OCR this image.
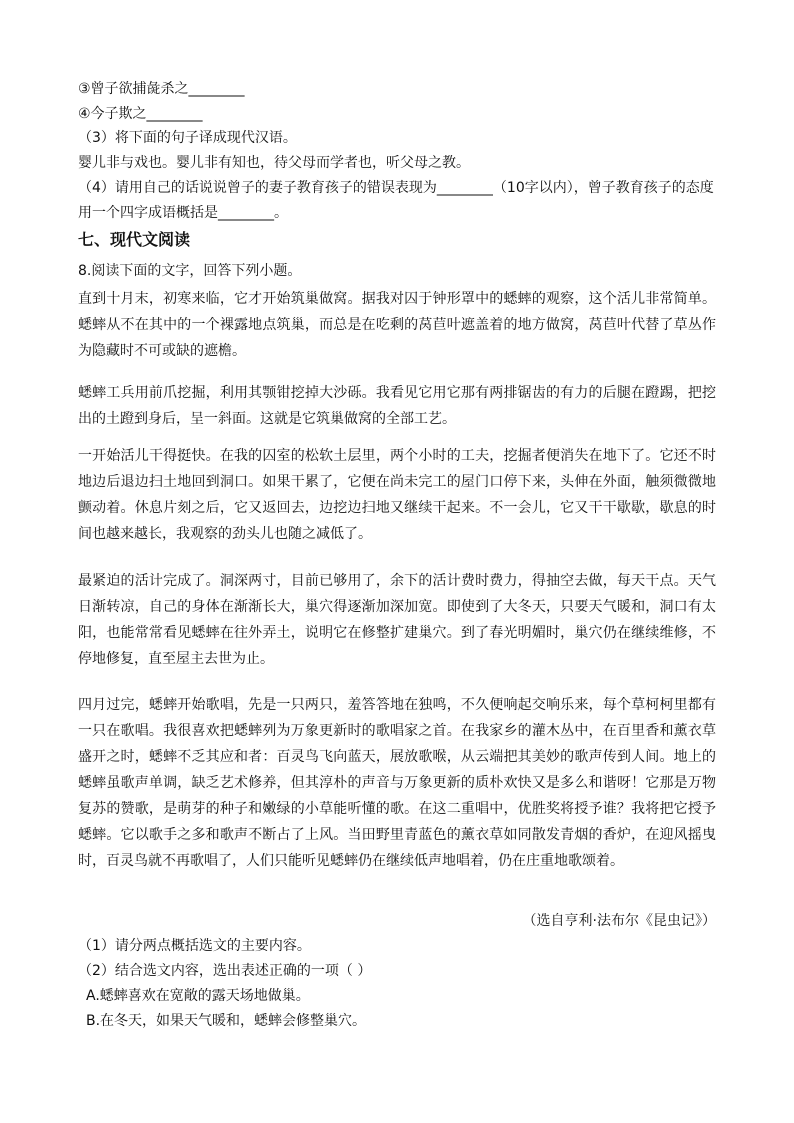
③曾子欲捕彘杀之________
④今子欺之________
（3）将下面的句子译成现代汉语。
婴儿非与戏也。婴儿非有知也，待父母而学者也，听父母之教。
（4）请用自己的话说说曾子的妻子教育孩子的错误表现为________（10字以内），曾子教育孩子的态度
用一个四字成语概括是________。
七、现代文阅读
8.阅读下面的文字，回答下列小题。
直到十月末，初寒来临，它才开始筑巢做窝。据我对囚于钟形罩中的蟋蟀的观察，这个活儿非常简单。蟋蟀从不在其中的一个裸露地点筑巢，而总是在吃剩的莴苣叶遮盖着的地方做窝，莴苣叶代替了草丛作为隐藏时不可或缺的遮檐。
蟋蟀工兵用前爪挖掘，利用其颚钳挖掉大沙砾。我看见它用它那有两排锯齿的有力的后腿在蹬踢，把挖出的土蹬到身后，呈一斜面。这就是它筑巢做窝的全部工艺。
一开始活儿干得挺快。在我的囚室的松软土层里，两个小时的工夫，挖掘者便消失在地下了。它还不时地边后退边扫土地回到洞口。如果干累了，它便在尚未完工的屋门口停下来，头伸在外面，触须微微地颤动着。休息片刻之后，它又返回去，边挖边扫地又继续干起来。不一会儿，它又干干歇歇，歇息的时间也越来越长，我观察的劲头儿也随之减低了。
最紧迫的活计完成了。洞深两寸，目前已够用了，余下的活计费时费力，得抽空去做，每天干点。天气日渐转凉，自己的身体在渐渐长大，巢穴得逐渐加深加宽。即使到了大冬天，只要天气暖和，洞口有太阳，也能常常看见蟋蟀在往外弄土，说明它在修整扩建巢穴。到了春光明媚时，巢穴仍在继续维修，不停地修复，直至屋主去世为止。
四月过完，蟋蟀开始歌唱，先是一只两只，羞答答地在独鸣，不久便响起交响乐来，每个草柯柯里都有一只在歌唱。我很喜欢把蟋蟀列为万象更新时的歌唱家之首。在我家乡的灌木丛中，在百里香和薰衣草盛开之时，蟋蟀不乏其应和者：百灵鸟飞向蓝天，展放歌喉，从云端把其美妙的歌声传到人间。地上的蟋蟀虽歌声单调，缺乏艺术修养，但其淳朴的声音与万象更新的质朴欢快又是多么和谐呀！它那是万物复苏的赞歌，是萌芽的种子和嫩绿的小草能听懂的歌。在这二重唱中，优胜奖将授予谁？我将把它授予蟋蟀。它以歌手之多和歌声不断占了上风。当田野里青蓝色的薰衣草如同散发青烟的香炉，在迎风摇曳时，百灵鸟就不再歌唱了，人们只能听见蟋蟀仍在继续低声地唱着，仍在庄重地歌颂着。
（选自亨利·法布尔《昆虫记》）
（1）请分两点概括选文的主要内容。
（2）结合选文内容，选出表述正确的一项（ ）
A.蟋蟀喜欢在宽敞的露天场地做巢。
B.在冬天，如果天气暖和，蟋蟀会修整巢穴。
